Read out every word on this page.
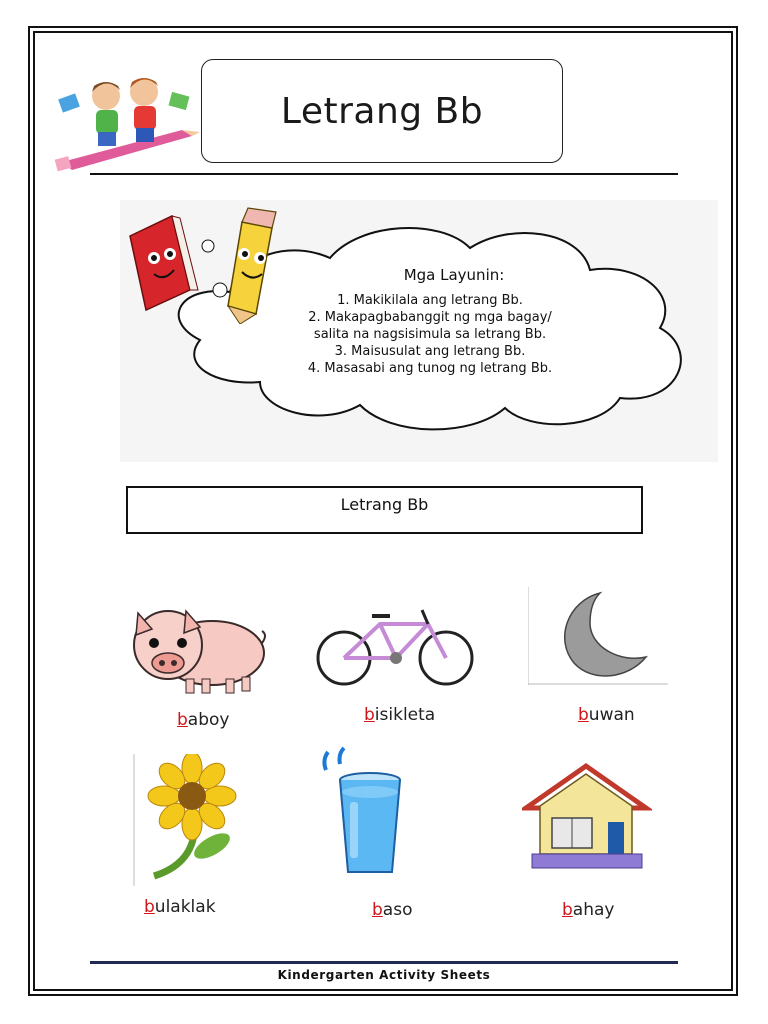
Letrang Bb
Mga Layunin:
1. Makikilala ang letrang Bb.
2. Makapagbabanggit ng mga bagay/
salita na nagsisimula sa letrang Bb.
3. Maisusulat ang letrang Bb.
4. Masasabi ang tunog ng letrang Bb.
Letrang Bb
baboy	bisikleta	buwan
bulaklak	baso	bahay
Kindergarten Activity Sheets
